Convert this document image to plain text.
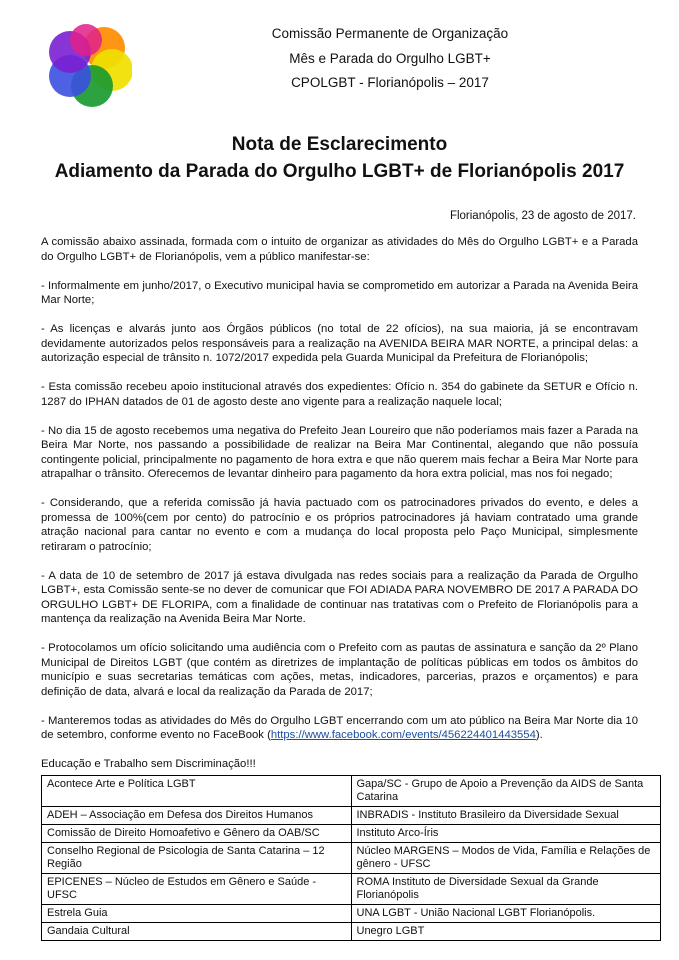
Comissão Permanente de Organização
Mês e Parada do Orgulho LGBT+
CPOLGBT - Florianópolis – 2017
Nota de Esclarecimento
Adiamento da Parada do Orgulho LGBT+ de Florianópolis 2017
Florianópolis, 23 de agosto de 2017.

A comissão abaixo assinada, formada com o intuito de organizar as atividades do Mês do Orgulho LGBT+ e a Parada do Orgulho LGBT+ de Florianópolis, vem a público manifestar-se:

- Informalmente em junho/2017, o Executivo municipal havia se comprometido em autorizar a Parada na Avenida Beira Mar Norte;

- As licenças e alvarás junto aos Órgãos públicos (no total de 22 ofícios), na sua maioria, já se encontravam devidamente autorizados pelos responsáveis para a realização na AVENIDA BEIRA MAR NORTE, a principal delas: a autorização especial de trânsito n. 1072/2017 expedida pela Guarda Municipal da Prefeitura de Florianópolis;

- Esta comissão recebeu apoio institucional através dos expedientes: Ofício n. 354 do gabinete da SETUR e Ofício n. 1287 do IPHAN datados de 01 de agosto deste ano vigente para a realização naquele local;

- No dia 15 de agosto recebemos uma negativa do Prefeito Jean Loureiro que não poderíamos mais fazer a Parada na Beira Mar Norte, nos passando a possibilidade de realizar na Beira Mar Continental, alegando que não possuía contingente policial, principalmente no pagamento de hora extra e que não querem mais fechar a Beira Mar Norte para atrapalhar o trânsito. Oferecemos de levantar dinheiro para pagamento da hora extra policial, mas nos foi negado;

- Considerando, que a referida comissão já havia pactuado com os patrocinadores privados do evento, e deles a promessa de 100%(cem por cento) do patrocínio e os próprios patrocinadores já haviam contratado uma grande atração nacional para cantar no evento e com a mudança do local proposta pelo Paço Municipal, simplesmente retiraram o patrocínio;

- A data de 10 de setembro de 2017 já estava divulgada nas redes sociais para a realização da Parada de Orgulho LGBT+, esta Comissão sente-se no dever de comunicar que FOI ADIADA PARA NOVEMBRO DE 2017 A PARADA DO ORGULHO LGBT+ DE FLORIPA, com a finalidade de continuar nas tratativas com o Prefeito de Florianópolis para a mantença da realização na Avenida Beira Mar Norte.

- Protocolamos um ofício solicitando uma audiência com o Prefeito com as pautas de assinatura e sanção da 2º Plano Municipal de Direitos LGBT (que contém as diretrizes de implantação de políticas públicas em todos os âmbitos do município e suas secretarias temáticas com ações, metas, indicadores, parcerias, prazos e orçamentos) e para definição de data, alvará e local da realização da Parada de 2017;

- Manteremos todas as atividades do Mês do Orgulho LGBT encerrando com um ato público na Beira Mar Norte dia 10 de setembro, conforme evento no FaceBook (https://www.facebook.com/events/456224401443554).

Educação e Trabalho sem Discriminação!!!

Acontece Arte e Política LGBT	Gapa/SC - Grupo de Apoio a Prevenção da AIDS de Santa Catarina
ADEH – Associação em Defesa dos Direitos Humanos	INBRADIS - Instituto Brasileiro da Diversidade Sexual
Comissão de Direito Homoafetivo e Gênero da OAB/SC	Instituto Arco-Íris
Conselho Regional de Psicologia de Santa Catarina – 12 Região	Núcleo MARGENS – Modos de Vida, Família e Relações de gênero - UFSC
EPICENES – Núcleo de Estudos em Gênero e Saúde - UFSC	ROMA Instituto de Diversidade Sexual da Grande Florianópolis
Estrela Guia	UNA LGBT - União Nacional LGBT Florianópolis.
Gandaia Cultural	Unegro LGBT
